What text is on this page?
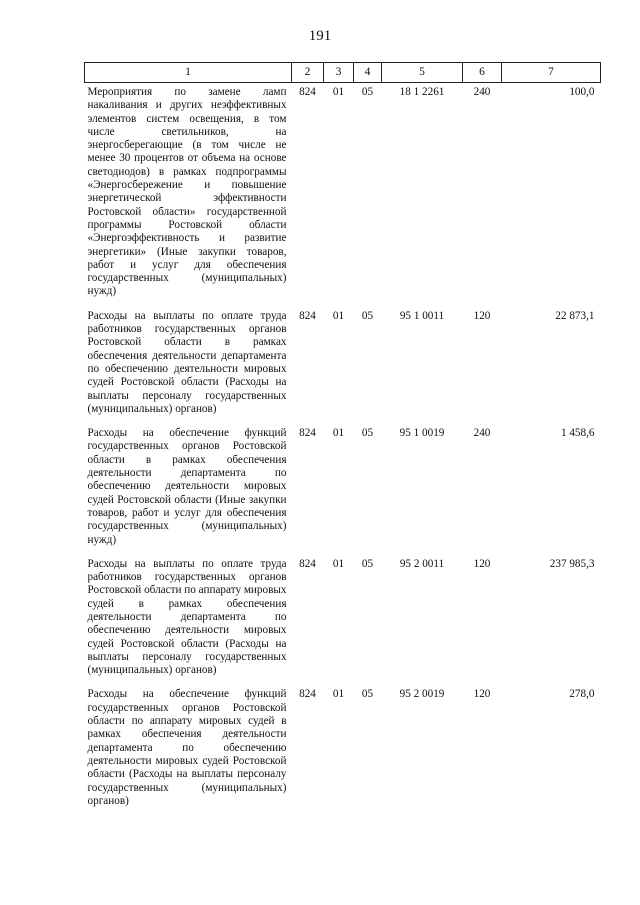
191
1	2	3	4	5	6	7
Мероприятия по замене ламп накаливания и других неэффективных элементов систем освещения, в том числе светильников, на энергосберегающие (в том числе не менее 30 процентов от объема на основе светодиодов) в рамках подпрограммы «Энергосбережение и повышение энергетической эффективности Ростовской области» государственной программы Ростовской области «Энергоэффективность и развитие энергетики» (Иные закупки товаров, работ и услуг для обеспечения государственных (муниципальных) нужд)	824	01	05	18 1 2261	240	100,0
Расходы на выплаты по оплате труда работников государственных органов Ростовской области в рамках обеспечения деятельности департамента по обеспечению деятельности мировых судей Ростовской области (Расходы на выплаты персоналу государственных (муниципальных) органов)	824	01	05	95 1 0011	120	22 873,1
Расходы на обеспечение функций государственных органов Ростовской области в рамках обеспечения деятельности департамента по обеспечению деятельности мировых судей Ростовской области (Иные закупки товаров, работ и услуг для обеспечения государственных (муниципальных) нужд)	824	01	05	95 1 0019	240	1 458,6
Расходы на выплаты по оплате труда работников государственных органов Ростовской области по аппарату мировых судей в рамках обеспечения деятельности департамента по обеспечению деятельности мировых судей Ростовской области (Расходы на выплаты персоналу государственных (муниципальных) органов)	824	01	05	95 2 0011	120	237 985,3
Расходы на обеспечение функций государственных органов Ростовской области по аппарату мировых судей в рамках обеспечения деятельности департамента по обеспечению деятельности мировых судей Ростовской области (Расходы на выплаты персоналу государственных (муниципальных) органов)	824	01	05	95 2 0019	120	278,0
